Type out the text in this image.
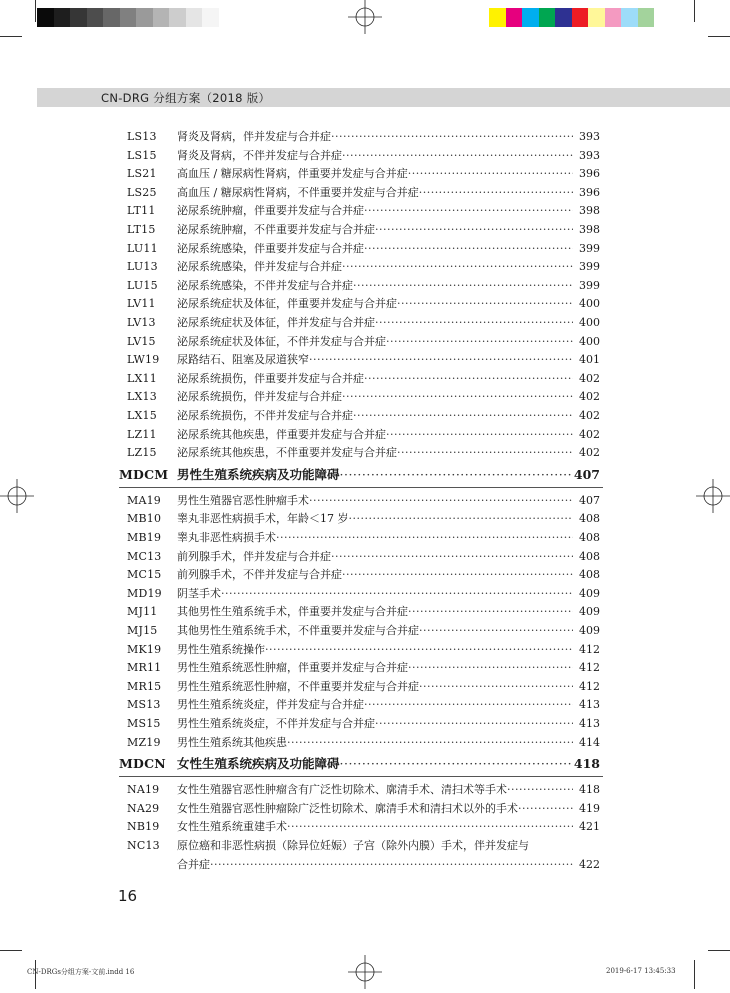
CN-DRG 分组方案（2018 版）
LS13	肾炎及肾病，伴并发症与合并症 ·····	393
LS15	肾炎及肾病，不伴并发症与合并症 ·····	393
LS21	高血压 / 糖尿病性肾病，伴重要并发症与合并症 ·····	396
LS25	高血压 / 糖尿病性肾病，不伴重要并发症与合并症 ·····	396
LT11	泌尿系统肿瘤，伴重要并发症与合并症 ·····	398
LT15	泌尿系统肿瘤，不伴重要并发症与合并症 ·····	398
LU11	泌尿系统感染，伴重要并发症与合并症 ·····	399
LU13	泌尿系统感染，伴并发症与合并症 ·····	399
LU15	泌尿系统感染，不伴并发症与合并症 ·····	399
LV11	泌尿系统症状及体征，伴重要并发症与合并症 ·····	400
LV13	泌尿系统症状及体征，伴并发症与合并症 ·····	400
LV15	泌尿系统症状及体征，不伴并发症与合并症 ·····	400
LW19	尿路结石、阻塞及尿道狭窄 ·····	401
LX11	泌尿系统损伤，伴重要并发症与合并症 ·····	402
LX13	泌尿系统损伤，伴并发症与合并症 ·····	402
LX15	泌尿系统损伤，不伴并发症与合并症 ·····	402
LZ11	泌尿系统其他疾患，伴重要并发症与合并症 ·····	402
LZ15	泌尿系统其他疾患，不伴重要并发症与合并症 ·····	402
MDCM 男性生殖系统疾病及功能障碍 ·····	407
MA19	男性生殖器官恶性肿瘤手术 ·····	407
MB10	睾丸非恶性病损手术，年龄＜17 岁 ·····	408
MB19	睾丸非恶性病损手术 ·····	408
MC13	前列腺手术，伴并发症与合并症 ·····	408
MC15	前列腺手术，不伴并发症与合并症 ·····	408
MD19	阴茎手术 ·····	409
MJ11	其他男性生殖系统手术，伴重要并发症与合并症 ·····	409
MJ15	其他男性生殖系统手术，不伴重要并发症与合并症 ·····	409
MK19	男性生殖系统操作 ·····	412
MR11	男性生殖系统恶性肿瘤，伴重要并发症与合并症 ·····	412
MR15	男性生殖系统恶性肿瘤，不伴重要并发症与合并症 ·····	412
MS13	男性生殖系统炎症，伴并发症与合并症 ·····	413
MS15	男性生殖系统炎症，不伴并发症与合并症 ·····	413
MZ19	男性生殖系统其他疾患 ·····	414
MDCN 女性生殖系统疾病及功能障碍 ·····	418
NA19	女性生殖器官恶性肿瘤含有广泛性切除术、廓清手术、清扫术等手术 ·····	418
NA29	女性生殖器官恶性肿瘤除广泛性切除术、廓清手术和清扫术以外的手术 ·····	419
NB19	女性生殖系统重建手术 ·····	421
NC13	原位癌和非恶性病损（除异位妊娠）子宫（除外内膜）手术，伴并发症与
合并症 ·····	422
16
CN-DRGs分组方案-文前.indd 16	2019-6-17 13:45:33
